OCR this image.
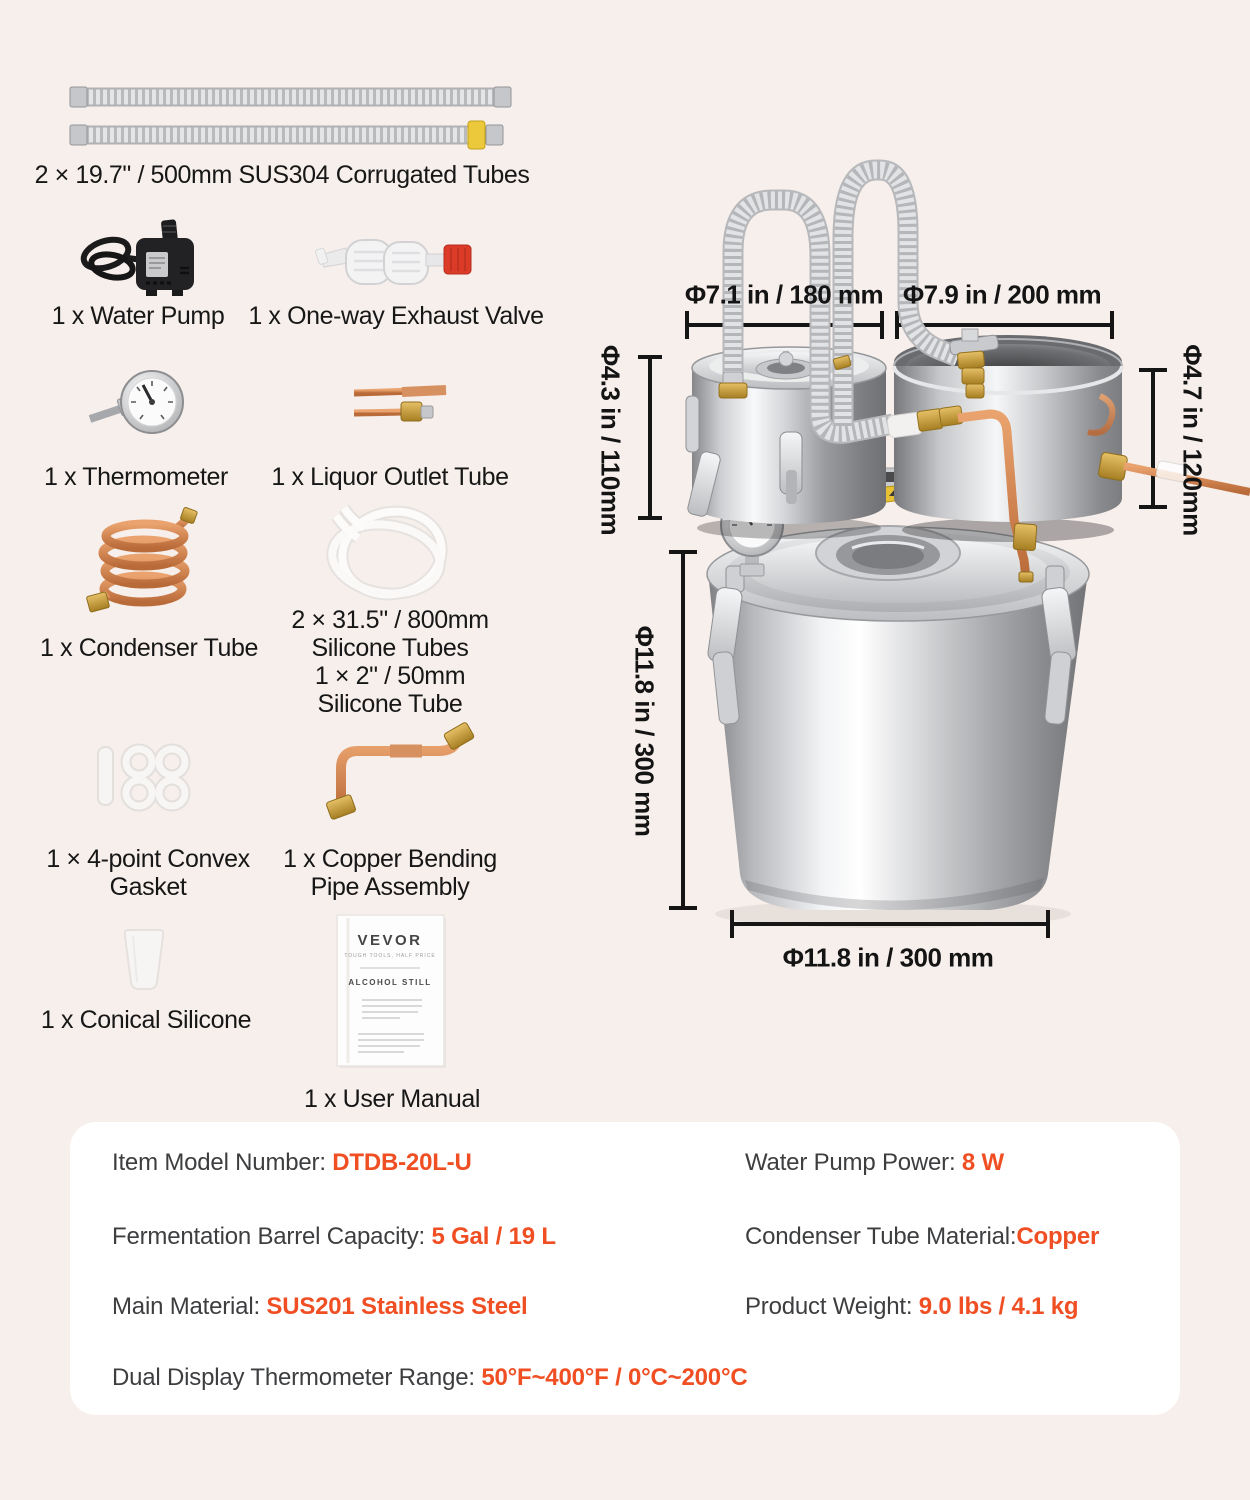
2 × 19.7" / 500mm SUS304 Corrugated Tubes
1 x Water Pump 1 x One-way Exhaust Valve
1 x Thermometer 1 x Liquor Outlet Tube
1 x Condenser Tube
2 × 31.5" / 800mm
Silicone Tubes
1 × 2" / 50mm
Silicone Tube
1 × 4-point Convex
Gasket
1 x Copper Bending
Pipe Assembly
1 x Conical Silicone
1 x User Manual
VEVOR
TOUGH TOOLS, HALF PRICE
ALCOHOL STILL
Φ7.1 in / 180 mm Φ7.9 in / 200 mm
Φ4.3 in / 110mm	Φ4.7 in / 120mm
Φ11.8 in / 300 mm
Φ11.8 in / 300 mm
Item Model Number: DTDB-20L-U	Water Pump Power: 8 W
Fermentation Barrel Capacity: 5 Gal / 19 L	Condenser Tube Material:Copper
Main Material: SUS201 Stainless Steel	Product Weight: 9.0 lbs / 4.1 kg
Dual Display Thermometer Range: 50°F~400°F / 0°C~200°C
